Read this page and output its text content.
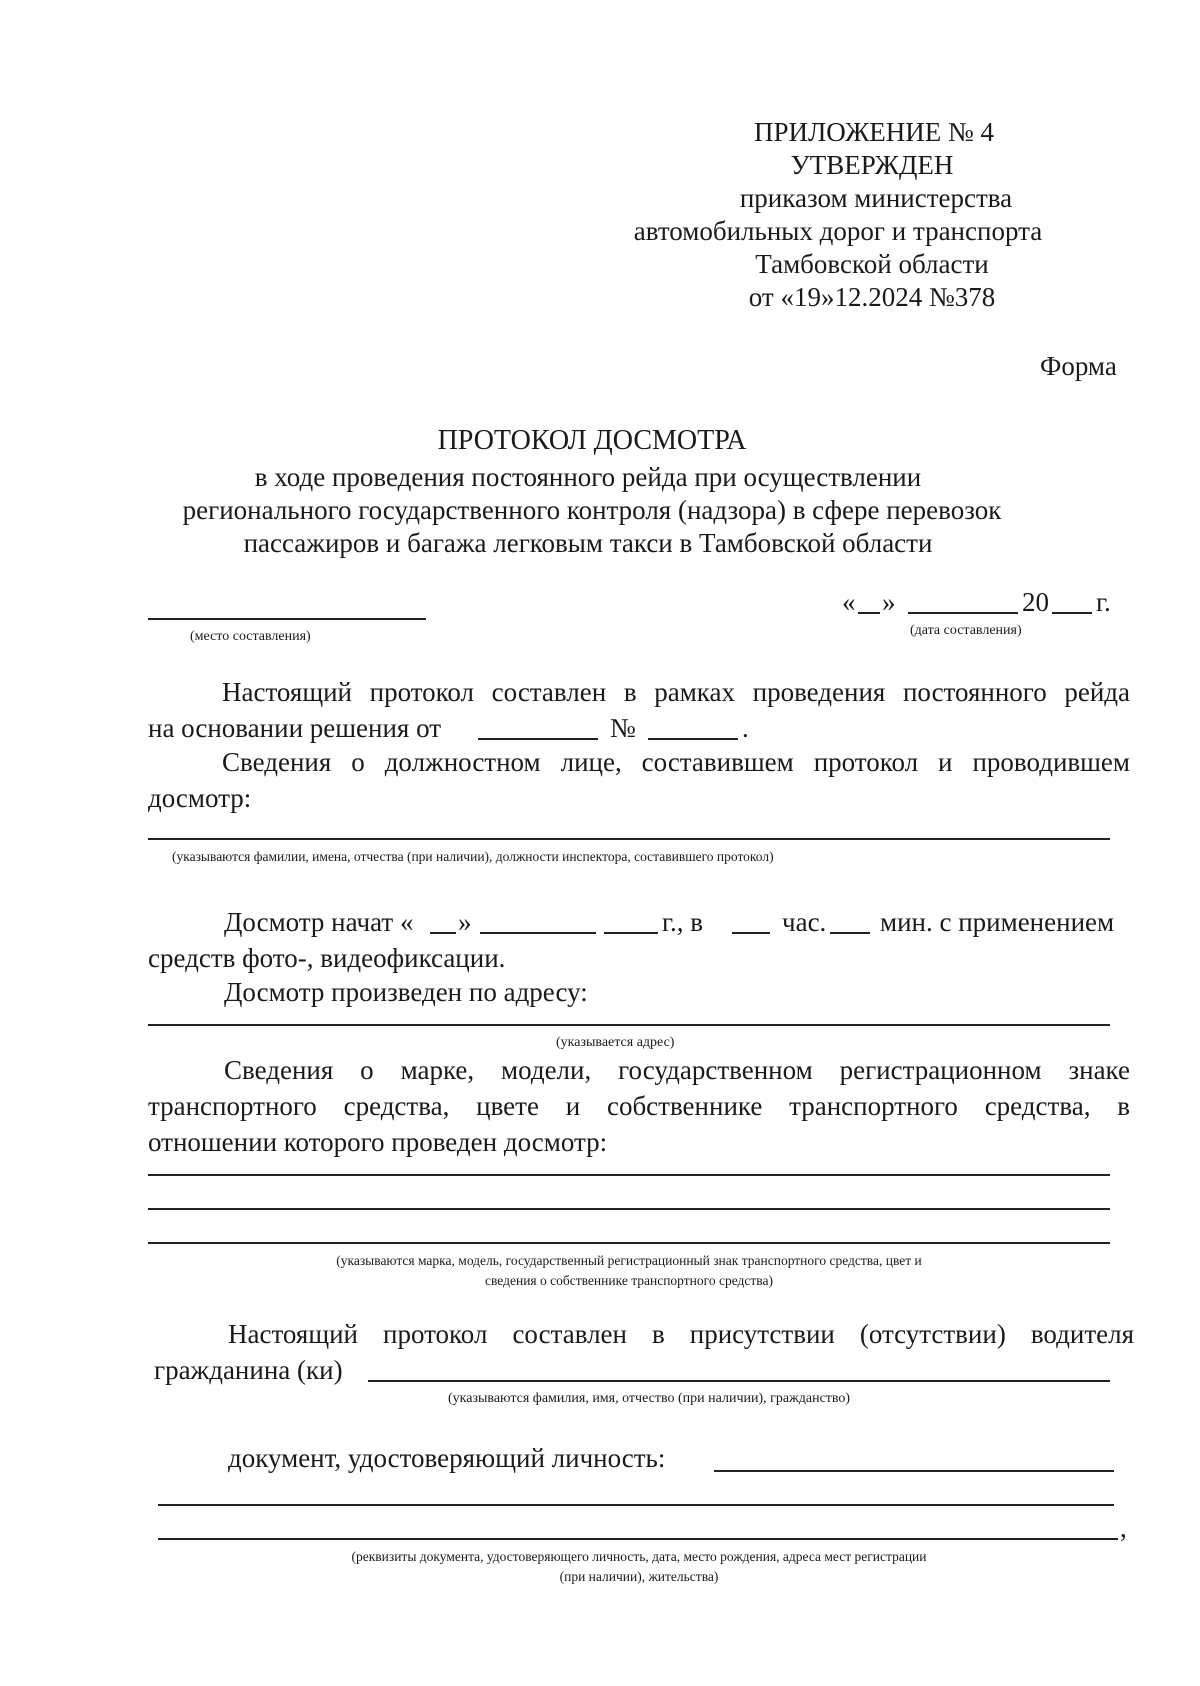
ПРИЛОЖЕНИЕ № 4
УТВЕРЖДЕН
приказом министерства
автомобильных дорог и транспорта
Тамбовской области
от «19»12.2024 №378
Форма
ПРОТОКОЛ ДОСМОТРА
в ходе проведения постоянного рейда при осуществлении
регионального государственного контроля (надзора) в сфере перевозок
пассажиров и багажа легковым такси в Тамбовской области
(место составления)
« »	20 г.
(дата составления)
Настоящий протокол составлен в рамках проведения постоянного рейда
на основании решения от	№	.
Сведения о должностном лице, составившем протокол и проводившем
досмотр:
(указываются фамилии, имена, отчества (при наличии), должности инспектора, составившего протокол)
Досмотр начат « »	г., в	час. мин. с применением
средств фото-, видеофиксации.
Досмотр произведен по адресу:
(указывается адрес)
Сведения о марке, модели, государственном регистрационном знаке
транспортного средства, цвете и собственнике транспортного средства, в
отношении которого проведен досмотр:
(указываются марка, модель, государственный регистрационный знак транспортного средства, цвет и
сведения о собственнике транспортного средства)
Настоящий протокол составлен в присутствии (отсутствии) водителя
гражданина (ки)
(указываются фамилия, имя, отчество (при наличии), гражданство)
документ, удостоверяющий личность:
,
(реквизиты документа, удостоверяющего личность, дата, место рождения, адреса мест регистрации
(при наличии), жительства)
